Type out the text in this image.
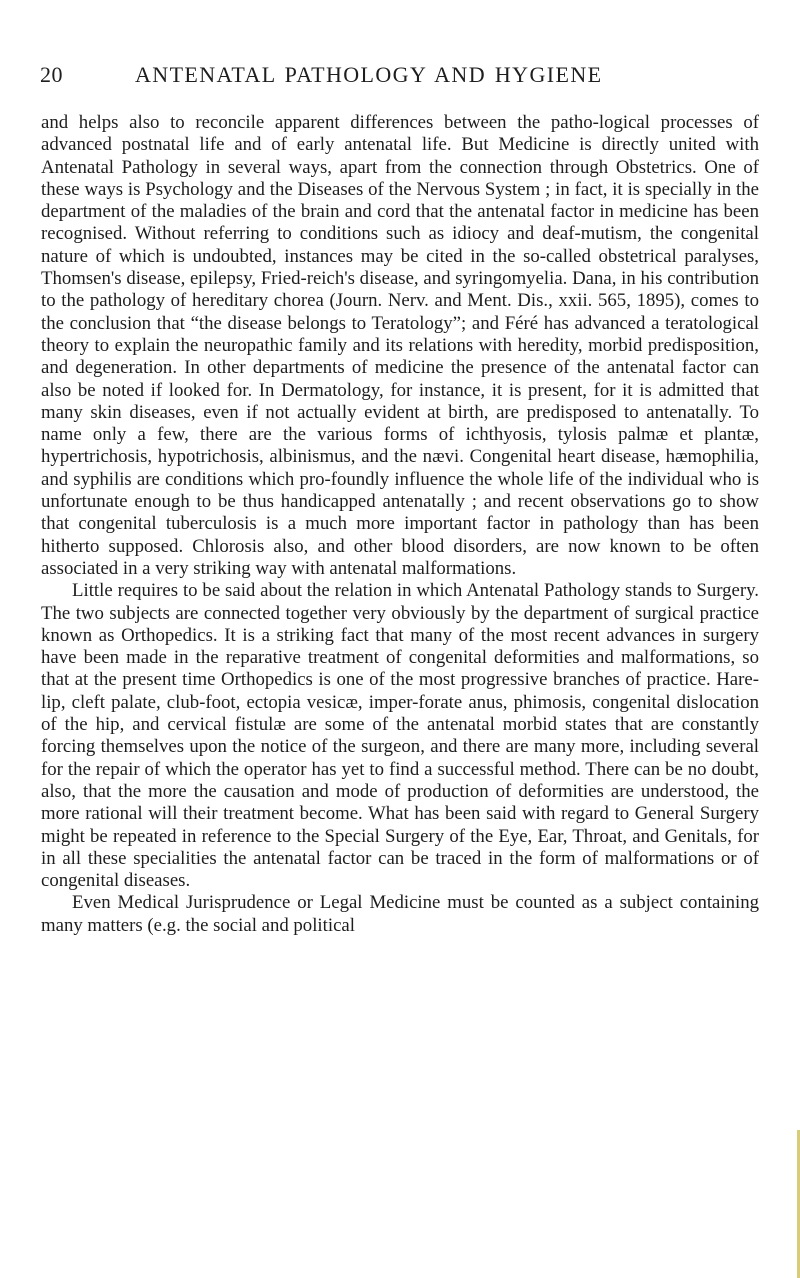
20	ANTENATAL PATHOLOGY AND HYGIENE

and helps also to reconcile apparent differences between the patho-logical processes of advanced postnatal life and of early antenatal life. But Medicine is directly united with Antenatal Pathology in several ways, apart from the connection through Obstetrics. One of these ways is Psychology and the Diseases of the Nervous System ; in fact, it is specially in the department of the maladies of the brain and cord that the antenatal factor in medicine has been recognised. Without referring to conditions such as idiocy and deaf-mutism, the congenital nature of which is undoubted, instances may be cited in the so-called obstetrical paralyses, Thomsen's disease, epilepsy, Fried-reich's disease, and syringomyelia. Dana, in his contribution to the pathology of hereditary chorea (Journ. Nerv. and Ment. Dis., xxii. 565, 1895), comes to the conclusion that “the disease belongs to Teratology”; and Féré has advanced a teratological theory to explain the neuropathic family and its relations with heredity, morbid predisposition, and degeneration. In other departments of medicine the presence of the antenatal factor can also be noted if looked for. In Dermatology, for instance, it is present, for it is admitted that many skin diseases, even if not actually evident at birth, are predisposed to antenatally. To name only a few, there are the various forms of ichthyosis, tylosis palmæ et plantæ, hypertrichosis, hypotrichosis, albinismus, and the nævi. Congenital heart disease, hæmophilia, and syphilis are conditions which pro-foundly influence the whole life of the individual who is unfortunate enough to be thus handicapped antenatally ; and recent observations go to show that congenital tuberculosis is a much more important factor in pathology than has been hitherto supposed. Chlorosis also, and other blood disorders, are now known to be often associated in a very striking way with antenatal malformations.

Little requires to be said about the relation in which Antenatal Pathology stands to Surgery. The two subjects are connected together very obviously by the department of surgical practice known as Orthopedics. It is a striking fact that many of the most recent advances in surgery have been made in the reparative treatment of congenital deformities and malformations, so that at the present time Orthopedics is one of the most progressive branches of practice. Hare-lip, cleft palate, club-foot, ectopia vesicæ, imper-forate anus, phimosis, congenital dislocation of the hip, and cervical fistulæ are some of the antenatal morbid states that are constantly forcing themselves upon the notice of the surgeon, and there are many more, including several for the repair of which the operator has yet to find a successful method. There can be no doubt, also, that the more the causation and mode of production of deformities are understood, the more rational will their treatment become. What has been said with regard to General Surgery might be repeated in reference to the Special Surgery of the Eye, Ear, Throat, and Genitals, for in all these specialities the antenatal factor can be traced in the form of malformations or of congenital diseases.

Even Medical Jurisprudence or Legal Medicine must be counted as a subject containing many matters (e.g. the social and political
